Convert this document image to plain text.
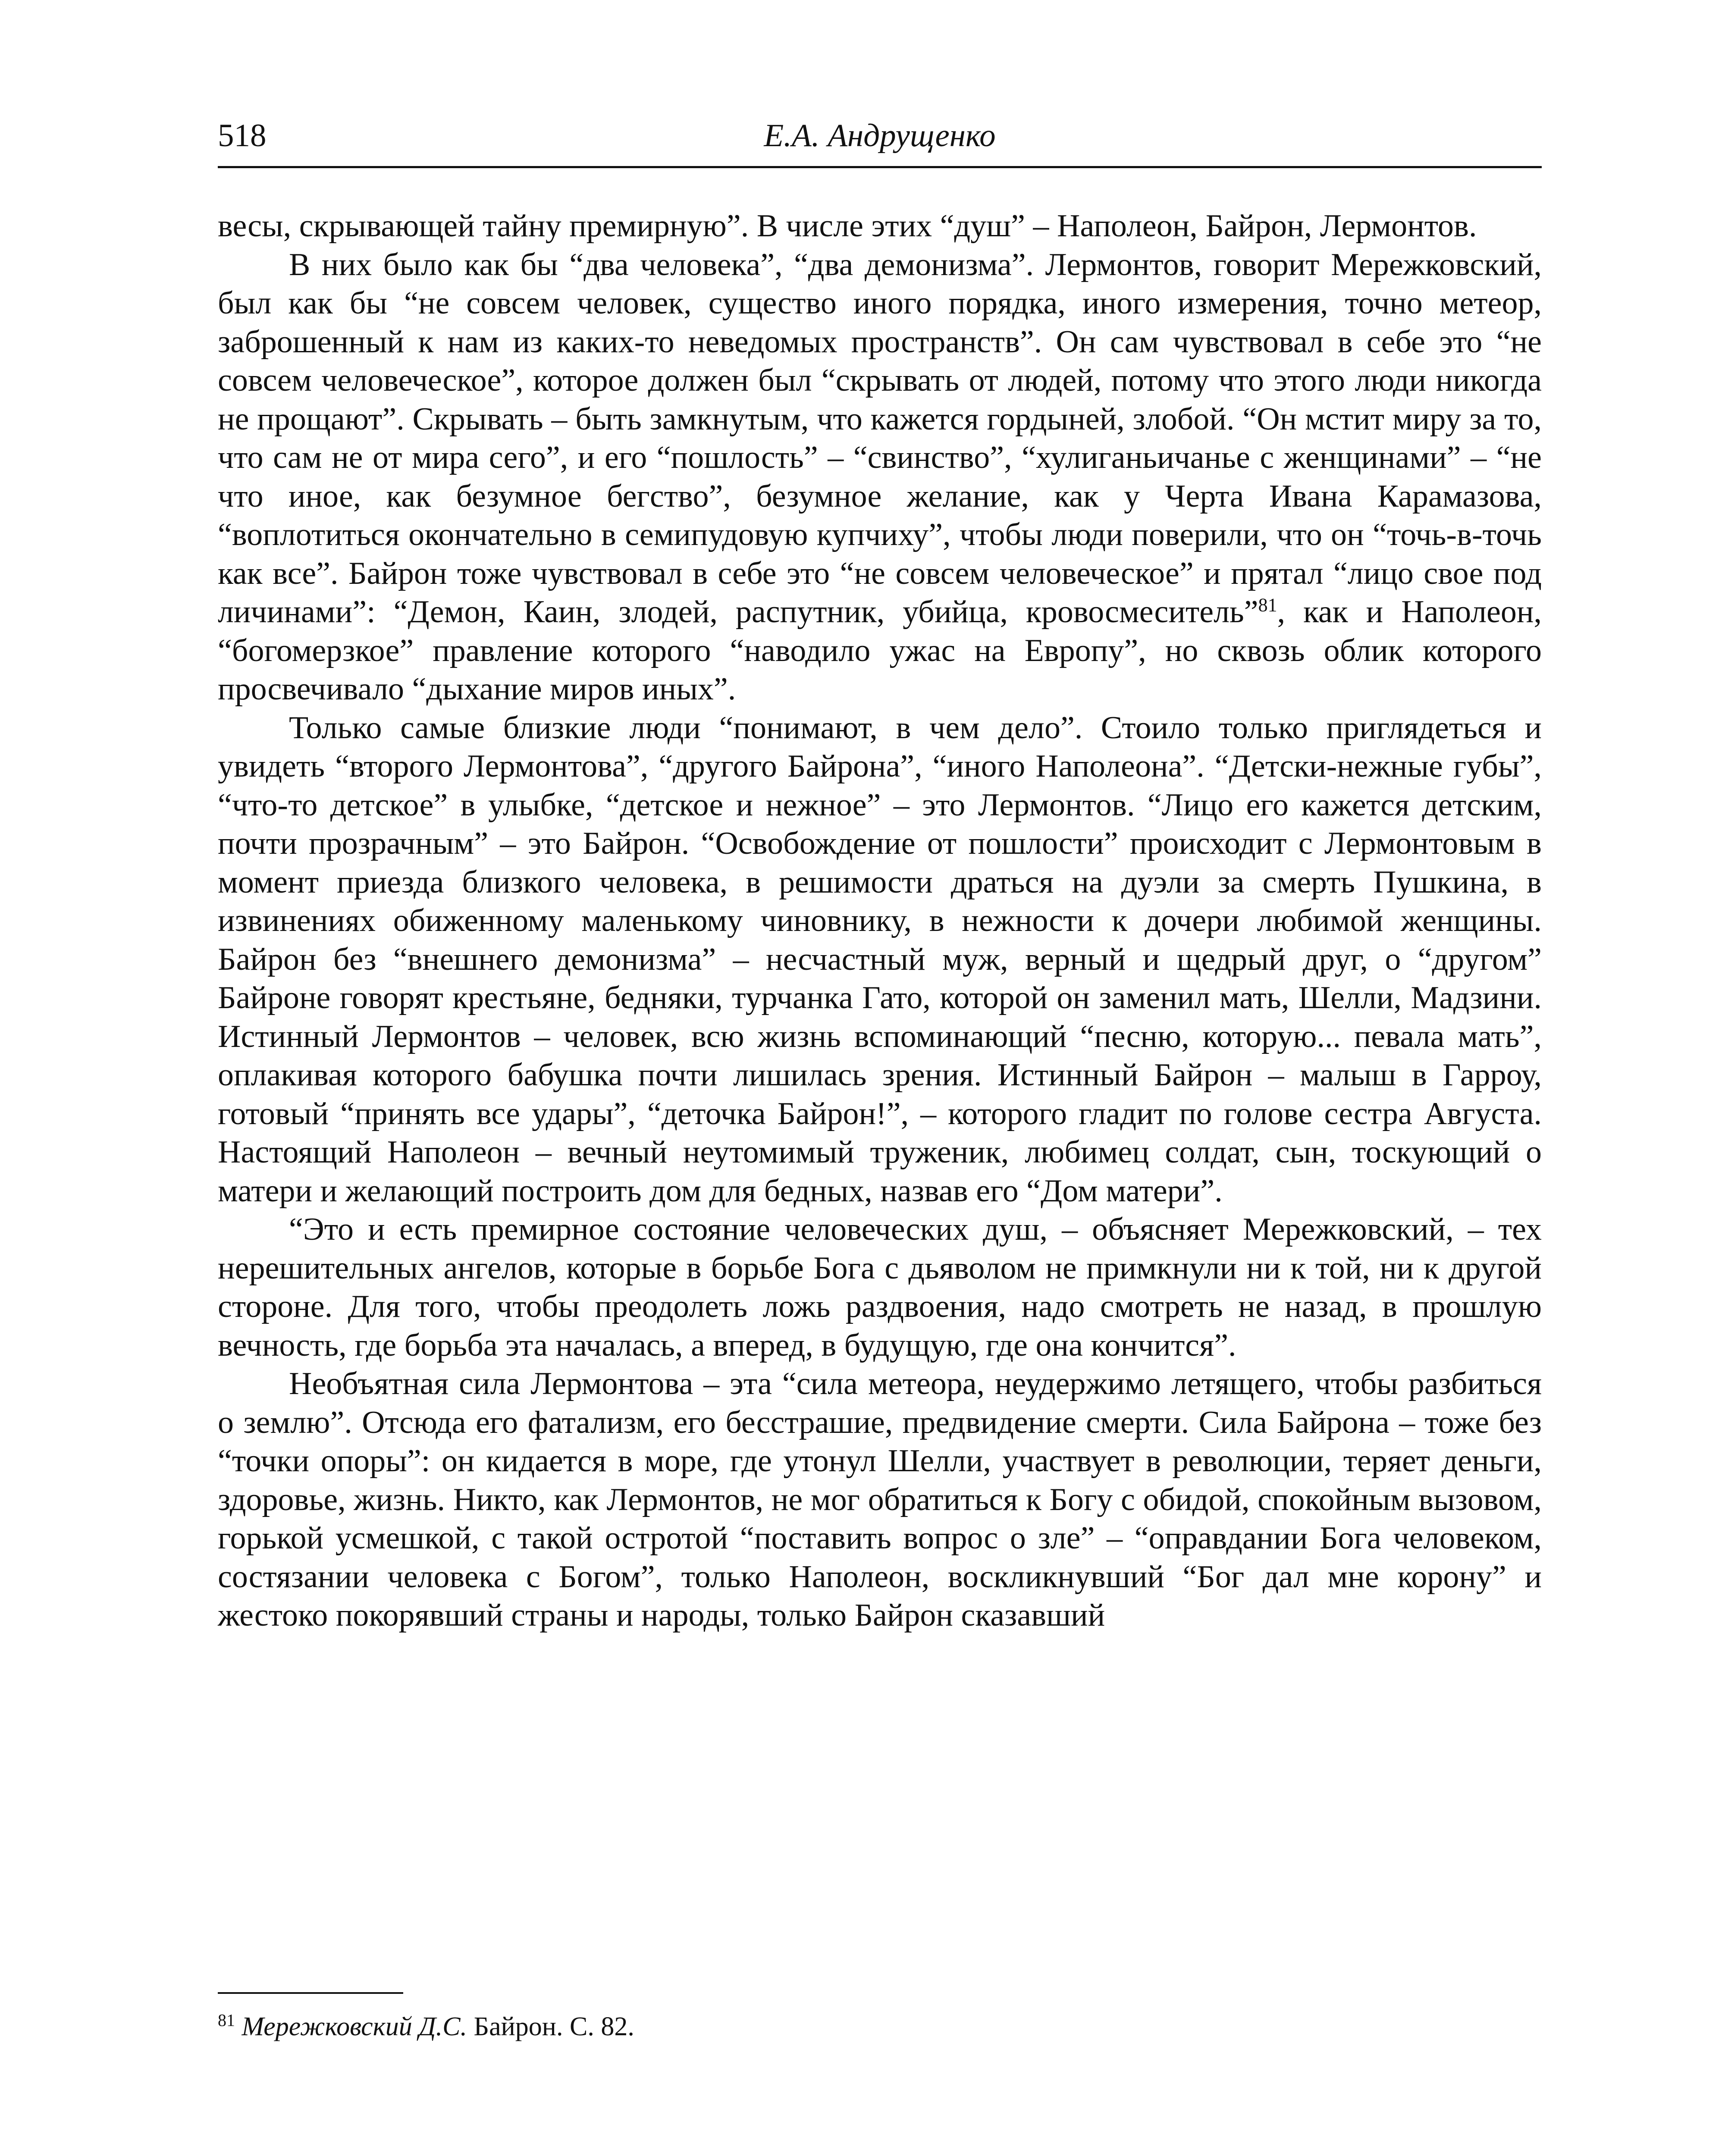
518	Е.А. Андрущенко

весы, скрывающей тайну премирную”. В числе этих “душ” – Наполеон, Байрон, Лермонтов.

В них было как бы “два человека”, “два демонизма”. Лермонтов, говорит Мережковский, был как бы “не совсем человек, существо иного порядка, иного измерения, точно метеор, заброшенный к нам из каких-то неведомых пространств”. Он сам чувствовал в себе это “не совсем человеческое”, которое должен был “скрывать от людей, потому что этого люди никогда не прощают”. Скрывать – быть замкнутым, что кажется гордыней, злобой. “Он мстит миру за то, что сам не от мира сего”, и его “пошлость” – “свинство”, “хулиганьичанье с женщинами” – “не что иное, как безумное бегство”, безумное желание, как у Черта Ивана Карамазова, “воплотиться окончательно в семипудовую купчиху”, чтобы люди поверили, что он “точь-в-точь как все”. Байрон тоже чувствовал в себе это “не совсем человеческое” и прятал “лицо свое под личинами”: “Демон, Каин, злодей, распутник, убийца, кровосмеситель”$^{81}$, как и Наполеон, “богомерзкое” правление которого “наводило ужас на Европу”, но сквозь облик которого просвечивало “дыхание миров иных”.

Только самые близкие люди “понимают, в чем дело”. Стоило только приглядеться и увидеть “второго Лермонтова”, “другого Байрона”, “иного Наполеона”. “Детски-нежные губы”, “что-то детское” в улыбке, “детское и нежное” – это Лермонтов. “Лицо его кажется детским, почти прозрачным” – это Байрон. “Освобождение от пошлости” происходит с Лермонтовым в момент приезда близкого человека, в решимости драться на дуэли за смерть Пушкина, в извинениях обиженному маленькому чиновнику, в нежности к дочери любимой женщины. Байрон без “внешнего демонизма” – несчастный муж, верный и щедрый друг, о “другом” Байроне говорят крестьяне, бедняки, турчанка Гато, которой он заменил мать, Шелли, Мадзини. Истинный Лермонтов – человек, всю жизнь вспоминающий “песню, которую... певала мать”, оплакивая которого бабушка почти лишилась зрения. Истинный Байрон – малыш в Гарроу, готовый “принять все удары”, “деточка Байрон!”, – которого гладит по голове сестра Августа. Настоящий Наполеон – вечный неутомимый труженик, любимец солдат, сын, тоскующий о матери и желающий построить дом для бедных, назвав его “Дом матери”.

“Это и есть премирное состояние человеческих душ, – объясняет Мережковский, – тех нерешительных ангелов, которые в борьбе Бога с дьяволом не примкнули ни к той, ни к другой стороне. Для того, чтобы преодолеть ложь раздвоения, надо смотреть не назад, в прошлую вечность, где борьба эта началась, а вперед, в будущую, где она кончится”.

Необъятная сила Лермонтова – эта “сила метеора, неудержимо летящего, чтобы разбиться о землю”. Отсюда его фатализм, его бесстрашие, предвидение смерти. Сила Байрона – тоже без “точки опоры”: он кидается в море, где утонул Шелли, участвует в революции, теряет деньги, здоровье, жизнь. Никто, как Лермонтов, не мог обратиться к Богу с обидой, спокойным вызовом, горькой усмешкой, с такой остротой “поставить вопрос о зле” – “оправдании Бога человеком, состязании человека с Богом”, только Наполеон, воскликнувший “Бог дал мне корону” и жестоко покорявший страны и народы, только Байрон сказавший

$^{81}$ Мережковский Д.С. Байрон. С. 82.
